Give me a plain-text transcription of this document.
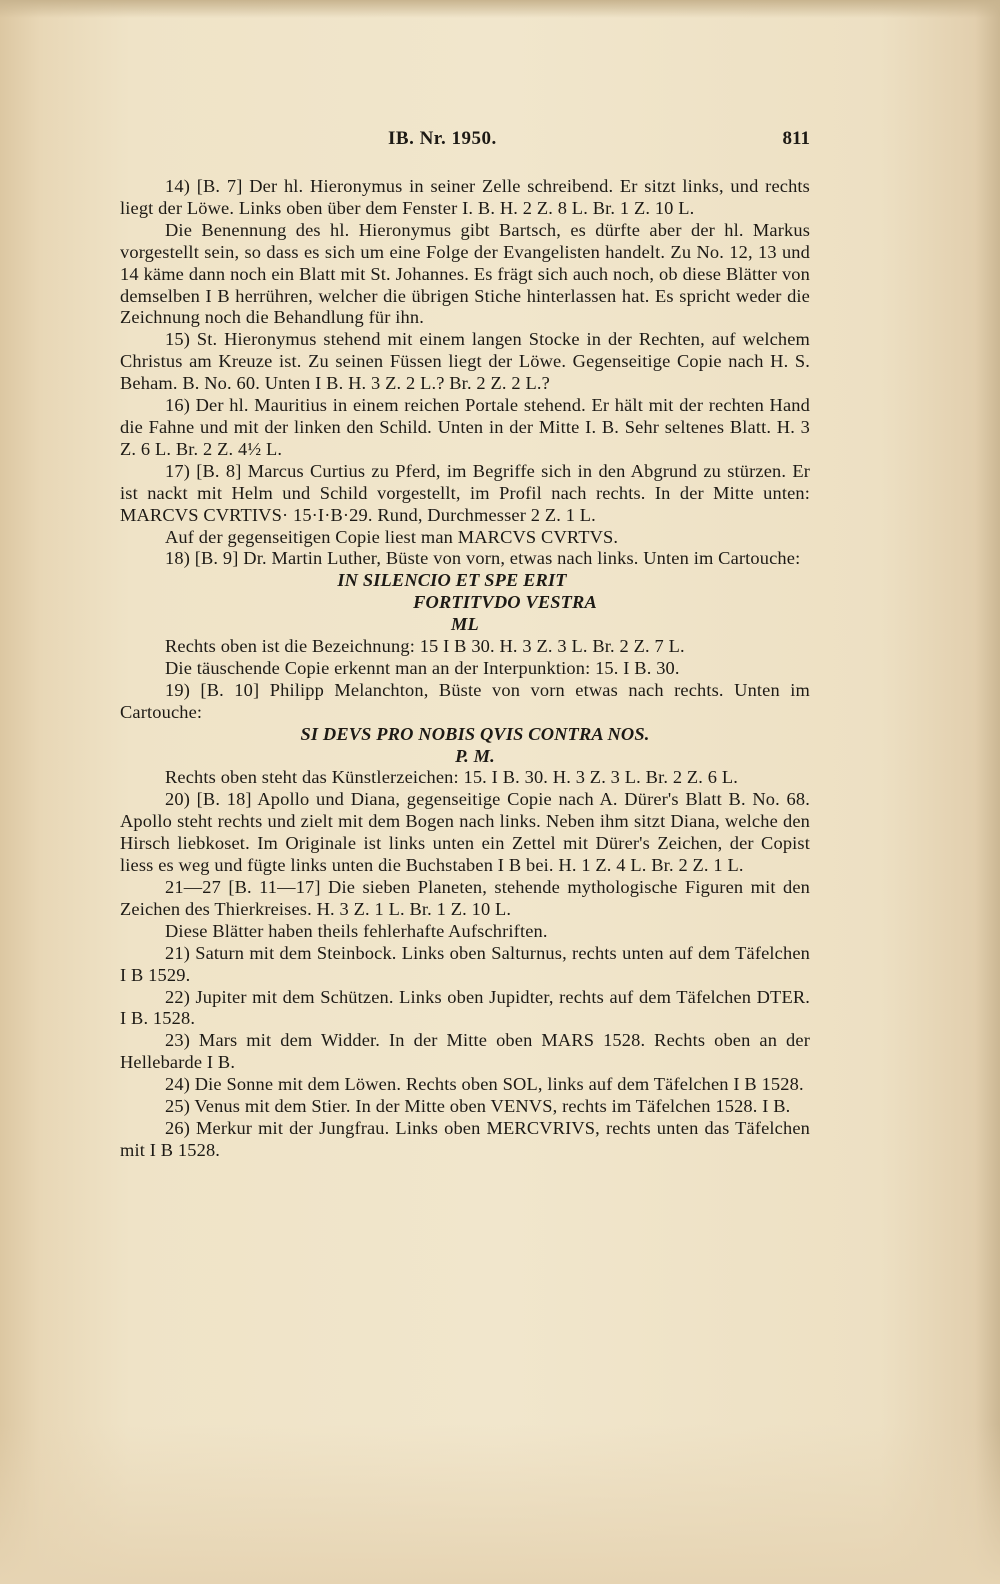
IB. Nr. 1950.	811

14) [B. 7] Der hl. Hieronymus in seiner Zelle schreibend. Er sitzt links, und rechts liegt der Löwe. Links oben über dem Fenster I. B. H. 2 Z. 8 L. Br. 1 Z. 10 L.

Die Benennung des hl. Hieronymus gibt Bartsch, es dürfte aber der hl. Markus vorgestellt sein, so dass es sich um eine Folge der Evangelisten handelt. Zu No. 12, 13 und 14 käme dann noch ein Blatt mit St. Johannes. Es frägt sich auch noch, ob diese Blätter von demselben I B herrühren, welcher die übrigen Stiche hinterlassen hat. Es spricht weder die Zeichnung noch die Behandlung für ihn.

15) St. Hieronymus stehend mit einem langen Stocke in der Rechten, auf welchem Christus am Kreuze ist. Zu seinen Füssen liegt der Löwe. Gegenseitige Copie nach H. S. Beham. B. No. 60. Unten I B. H. 3 Z. 2 L.? Br. 2 Z. 2 L.?

16) Der hl. Mauritius in einem reichen Portale stehend. Er hält mit der rechten Hand die Fahne und mit der linken den Schild. Unten in der Mitte I. B. Sehr seltenes Blatt. H. 3 Z. 6 L. Br. 2 Z. 4½ L.

17) [B. 8] Marcus Curtius zu Pferd, im Begriffe sich in den Abgrund zu stürzen. Er ist nackt mit Helm und Schild vorgestellt, im Profil nach rechts. In der Mitte unten: MARCVS CVRTIVS· 15·I·B·29. Rund, Durchmesser 2 Z. 1 L.

Auf der gegenseitigen Copie liest man MARCVS CVRTVS.

18) [B. 9] Dr. Martin Luther, Büste von vorn, etwas nach links. Unten im Cartouche:

IN SILENCIO ET SPE ERIT

FORTITVDO VESTRA

ML

Rechts oben ist die Bezeichnung: 15 I B 30. H. 3 Z. 3 L. Br. 2 Z. 7 L.

Die täuschende Copie erkennt man an der Interpunktion: 15. I B. 30.

19) [B. 10] Philipp Melanchton, Büste von vorn etwas nach rechts. Unten im Cartouche:

SI DEVS PRO NOBIS QVIS CONTRA NOS.

P. M.

Rechts oben steht das Künstlerzeichen: 15. I B. 30. H. 3 Z. 3 L. Br. 2 Z. 6 L.

20) [B. 18] Apollo und Diana, gegenseitige Copie nach A. Dürer's Blatt B. No. 68. Apollo steht rechts und zielt mit dem Bogen nach links. Neben ihm sitzt Diana, welche den Hirsch liebkoset. Im Originale ist links unten ein Zettel mit Dürer's Zeichen, der Copist liess es weg und fügte links unten die Buchstaben I B bei. H. 1 Z. 4 L. Br. 2 Z. 1 L.

21—27 [B. 11—17] Die sieben Planeten, stehende mythologische Figuren mit den Zeichen des Thierkreises. H. 3 Z. 1 L. Br. 1 Z. 10 L.

Diese Blätter haben theils fehlerhafte Aufschriften.

21) Saturn mit dem Steinbock. Links oben Salturnus, rechts unten auf dem Täfelchen I B 1529.

22) Jupiter mit dem Schützen. Links oben Jupidter, rechts auf dem Täfelchen DTER. I B. 1528.

23) Mars mit dem Widder. In der Mitte oben MARS 1528. Rechts oben an der Hellebarde I B.

24) Die Sonne mit dem Löwen. Rechts oben SOL, links auf dem Täfelchen I B 1528.

25) Venus mit dem Stier. In der Mitte oben VENVS, rechts im Täfelchen 1528. I B.

26) Merkur mit der Jungfrau. Links oben MERCVRIVS, rechts unten das Täfelchen mit I B 1528.
